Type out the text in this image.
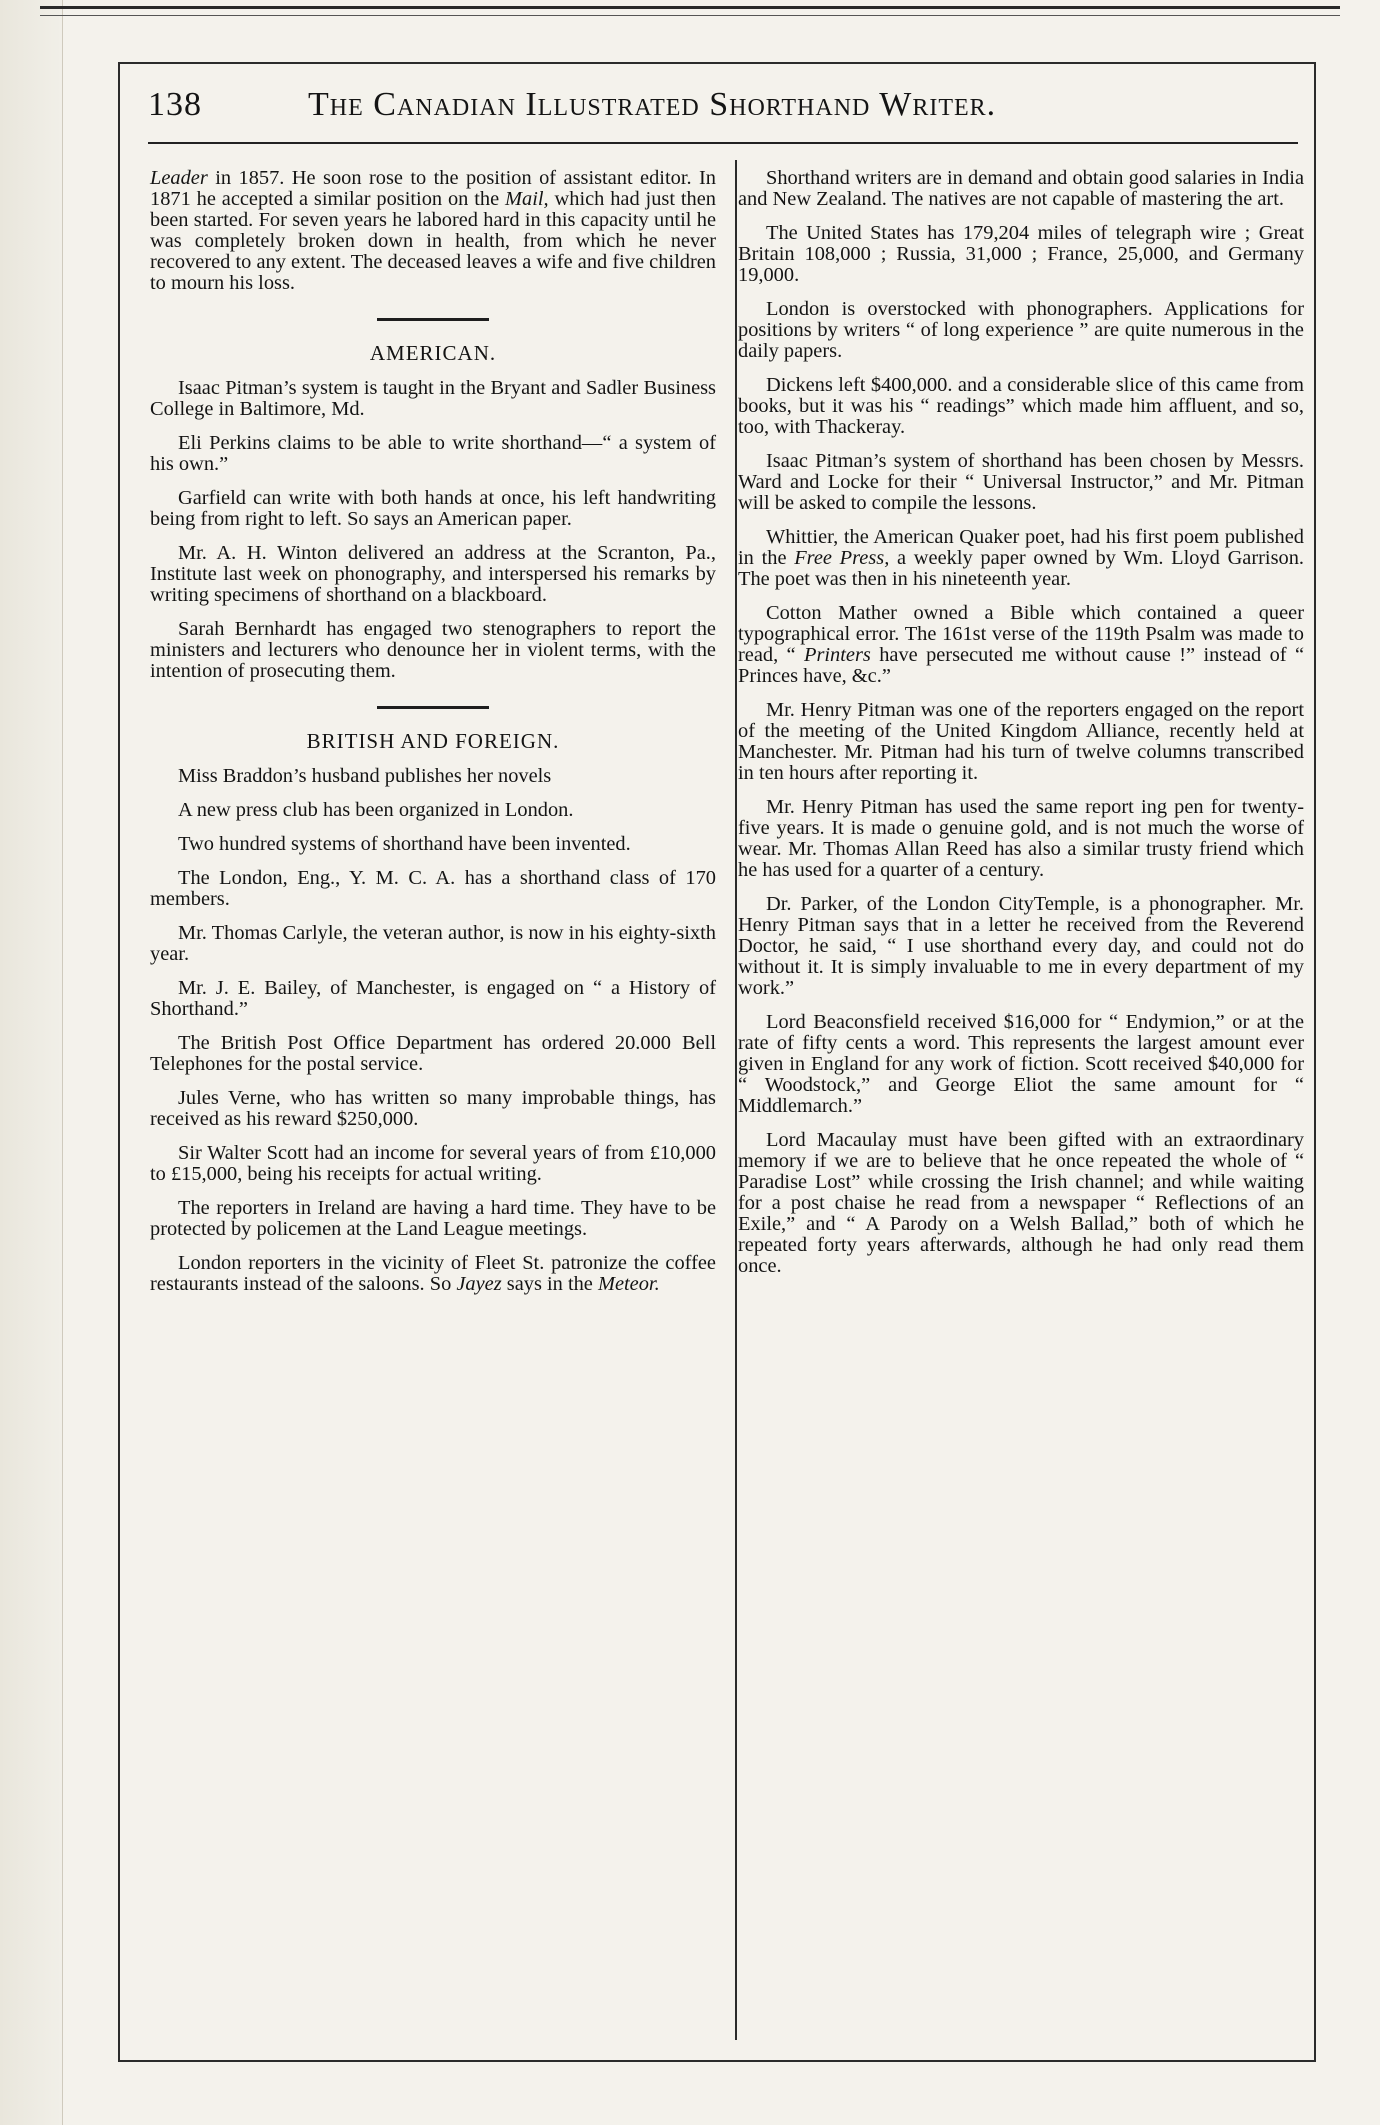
138	The Canadian Illustrated Shorthand Writer.

Leader in 1857. He soon rose to the position of assistant editor. In 1871 he accepted a similar position on the Mail, which had just then been started. For seven years he labored hard in this capacity until he was completely broken down in health, from which he never recovered to any extent. The deceased leaves a wife and five children to mourn his loss.

AMERICAN.

Isaac Pitman’s system is taught in the Bryant and Sadler Business College in Baltimore, Md.

Eli Perkins claims to be able to write shorthand—“ a system of his own.”

Garfield can write with both hands at once, his left handwriting being from right to left. So says an American paper.

Mr. A. H. Winton delivered an address at the Scranton, Pa., Institute last week on phonography, and interspersed his remarks by writing specimens of shorthand on a blackboard.

Sarah Bernhardt has engaged two stenographers to report the ministers and lecturers who denounce her in violent terms, with the intention of prosecuting them.

BRITISH AND FOREIGN.

Miss Braddon’s husband publishes her novels

A new press club has been organized in London.

Two hundred systems of shorthand have been invented.

The London, Eng., Y. M. C. A. has a shorthand class of 170 members.

Mr. Thomas Carlyle, the veteran author, is now in his eighty-sixth year.

Mr. J. E. Bailey, of Manchester, is engaged on “ a History of Shorthand.”

The British Post Office Department has ordered 20.000 Bell Telephones for the postal service.

Jules Verne, who has written so many improbable things, has received as his reward $250,000.

Sir Walter Scott had an income for several years of from £10,000 to £15,000, being his receipts for actual writing.

The reporters in Ireland are having a hard time. They have to be protected by policemen at the Land League meetings.

London reporters in the vicinity of Fleet St. patronize the coffee restaurants instead of the saloons. So Jayez says in the Meteor.

Shorthand writers are in demand and obtain good salaries in India and New Zealand. The natives are not capable of mastering the art.

The United States has 179,204 miles of telegraph wire ; Great Britain 108,000 ; Russia, 31,000 ; France, 25,000, and Germany 19,000.

London is overstocked with phonographers. Applications for positions by writers “ of long experience ” are quite numerous in the daily papers.

Dickens left $400,000. and a considerable slice of this came from books, but it was his “ readings” which made him affluent, and so, too, with Thackeray.

Isaac Pitman’s system of shorthand has been chosen by Messrs. Ward and Locke for their “ Universal Instructor,” and Mr. Pitman will be asked to compile the lessons.

Whittier, the American Quaker poet, had his first poem published in the Free Press, a weekly paper owned by Wm. Lloyd Garrison. The poet was then in his nineteenth year.

Cotton Mather owned a Bible which contained a queer typographical error. The 161st verse of the 119th Psalm was made to read, “ Printers have persecuted me without cause !” instead of “ Princes have, &c.”

Mr. Henry Pitman was one of the reporters engaged on the report of the meeting of the United Kingdom Alliance, recently held at Manchester. Mr. Pitman had his turn of twelve columns transcribed in ten hours after reporting it.

Mr. Henry Pitman has used the same report ing pen for twenty-five years. It is made o genuine gold, and is not much the worse of wear. Mr. Thomas Allan Reed has also a similar trusty friend which he has used for a quarter of a century.

Dr. Parker, of the London CityTemple, is a phonographer. Mr. Henry Pitman says that in a letter he received from the Reverend Doctor, he said, “ I use shorthand every day, and could not do without it. It is simply invaluable to me in every department of my work.”

Lord Beaconsfield received $16,000 for “ Endymion,” or at the rate of fifty cents a word. This represents the largest amount ever given in England for any work of fiction. Scott received $40,000 for “ Woodstock,” and George Eliot the same amount for “ Middlemarch.”

Lord Macaulay must have been gifted with an extraordinary memory if we are to believe that he once repeated the whole of “ Paradise Lost” while crossing the Irish channel; and while waiting for a post chaise he read from a newspaper “ Reflections of an Exile,” and “ A Parody on a Welsh Ballad,” both of which he repeated forty years afterwards, although he had only read them once.
